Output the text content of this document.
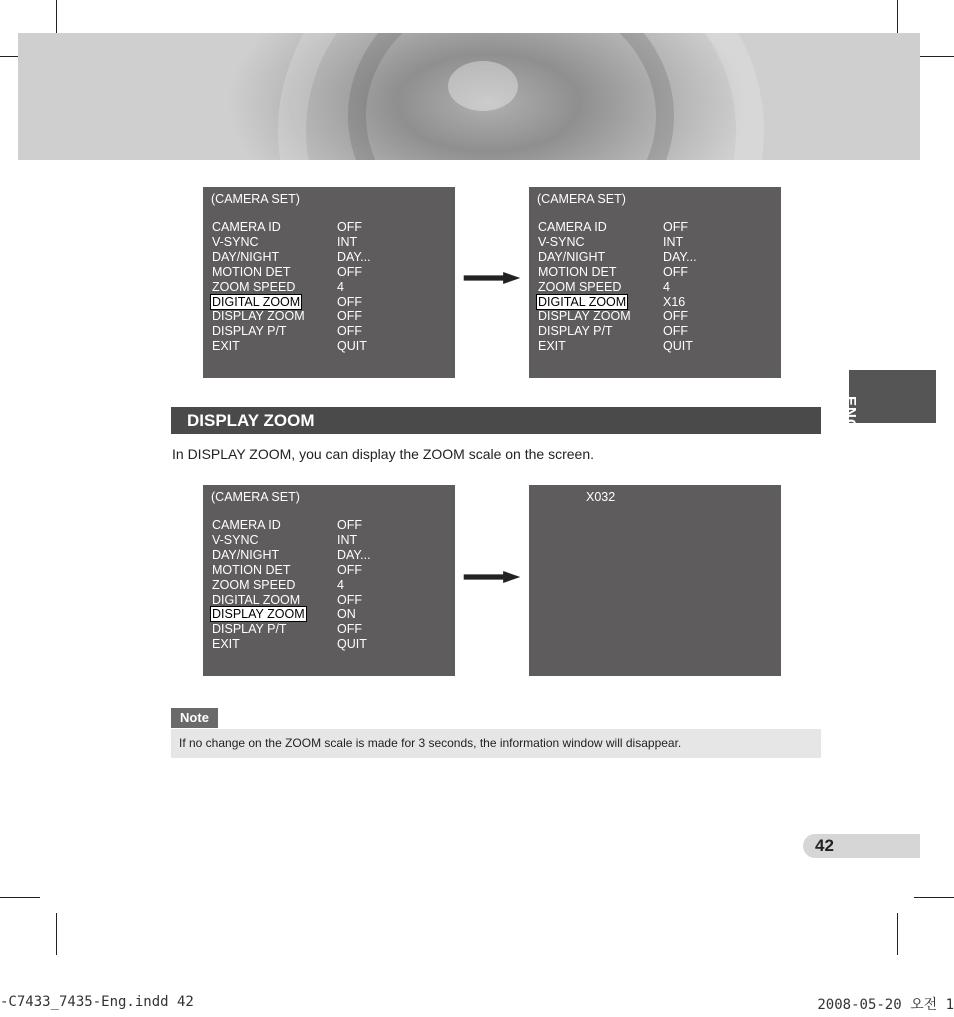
(CAMERA SET)
CAMERA ID	OFF
V-SYNC	INT
DAY/NIGHT	DAY...
MOTION DET	OFF
ZOOM SPEED	4
DIGITAL ZOOM	OFF
DISPLAY ZOOM	OFF
DISPLAY P/T	OFF
EXIT	QUIT
(CAMERA SET)
CAMERA ID	OFF
V-SYNC	INT
DAY/NIGHT	DAY...
MOTION DET	OFF
ZOOM SPEED	4
DIGITAL ZOOM	X16
DISPLAY ZOOM	OFF
DISPLAY P/T	OFF
EXIT	QUIT
ENG
DISPLAY ZOOM
In DISPLAY ZOOM, you can display the ZOOM scale on the screen.
(CAMERA SET)
CAMERA ID	OFF
V-SYNC	INT
DAY/NIGHT	DAY...
MOTION DET	OFF
ZOOM SPEED	4
DIGITAL ZOOM	OFF
DISPLAY ZOOM	ON
DISPLAY P/T	OFF
EXIT	QUIT
X032
Note
If no change on the ZOOM scale is made for 3 seconds, the information window will disappear.
42
-C7433_7435-Eng.indd 42	2008-05-20 오전 1
